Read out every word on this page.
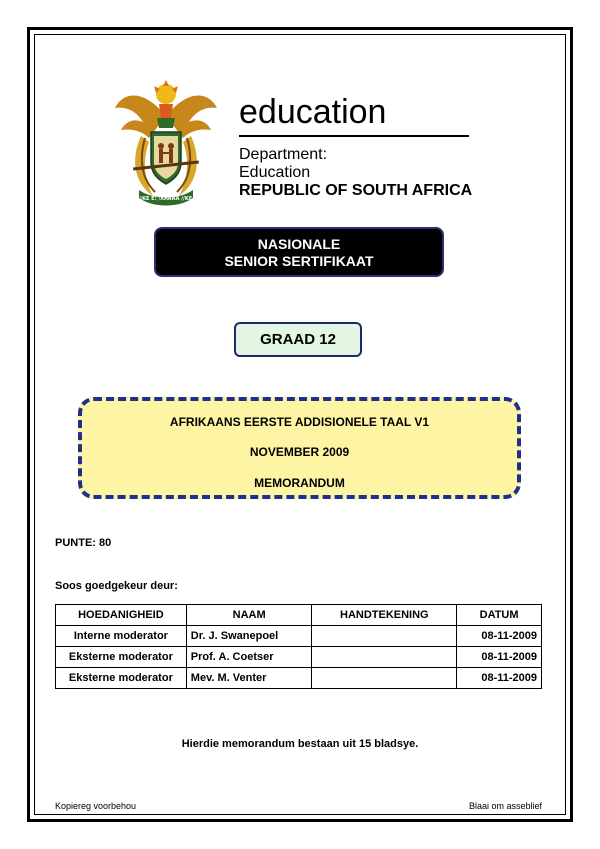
!KE E: /XARRA //KE
education
Department:
Education
REPUBLIC OF SOUTH AFRICA
NASIONALE
SENIOR SERTIFIKAAT
GRAAD 12
AFRIKAANS EERSTE ADDISIONELE TAAL V1
NOVEMBER 2009
MEMORANDUM
PUNTE: 80
Soos goedgekeur deur:
HOEDANIGHEID	NAAM	HANDTEKENING	DATUM
Interne moderator	Dr. J. Swanepoel		08-11-2009
Eksterne moderator	Prof. A. Coetser		08-11-2009
Eksterne moderator	Mev. M. Venter		08-11-2009
Hierdie memorandum bestaan uit 15 bladsye.
Kopiereg voorbehou	Blaai om asseblief
